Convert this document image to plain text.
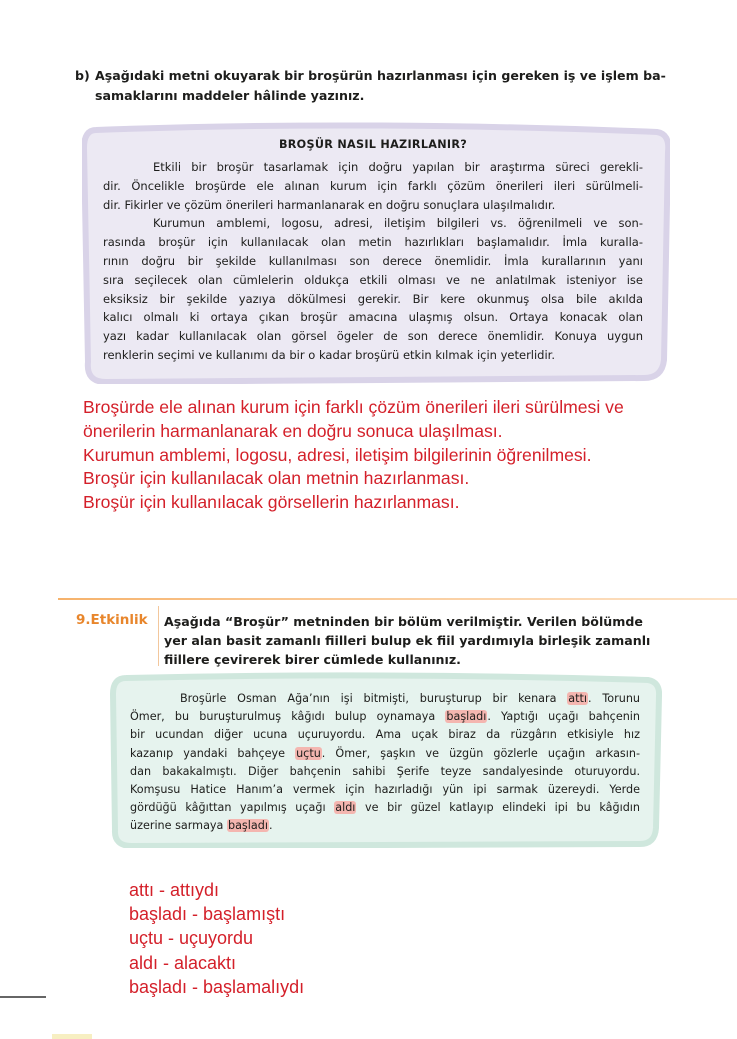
b) Aşağıdaki metni okuyarak bir broşürün hazırlanması için gereken iş ve işlem ba-
samaklarını maddeler hâlinde yazınız.
BROŞÜR NASIL HAZIRLANIR?
Etkili bir broşür tasarlamak için doğru yapılan bir araştırma süreci gerekli-
dir. Öncelikle broşürde ele alınan kurum için farklı çözüm önerileri ileri sürülmeli-
dir. Fikirler ve çözüm önerileri harmanlanarak en doğru sonuçlara ulaşılmalıdır.
Kurumun amblemi, logosu, adresi, iletişim bilgileri vs. öğrenilmeli ve son-
rasında broşür için kullanılacak olan metin hazırlıkları başlamalıdır. İmla kuralla-
rının doğru bir şekilde kullanılması son derece önemlidir. İmla kurallarının yanı
sıra seçilecek olan cümlelerin oldukça etkili olması ve ne anlatılmak isteniyor ise
eksiksiz bir şekilde yazıya dökülmesi gerekir. Bir kere okunmuş olsa bile akılda
kalıcı olmalı ki ortaya çıkan broşür amacına ulaşmış olsun. Ortaya konacak olan
yazı kadar kullanılacak olan görsel ögeler de son derece önemlidir. Konuya uygun
renklerin seçimi ve kullanımı da bir o kadar broşürü etkin kılmak için yeterlidir.
Broşürde ele alınan kurum için farklı çözüm önerileri ileri sürülmesi ve
önerilerin harmanlanarak en doğru sonuca ulaşılması.
Kurumun amblemi, logosu, adresi, iletişim bilgilerinin öğrenilmesi.
Broşür için kullanılacak olan metnin hazırlanması.
Broşür için kullanılacak görsellerin hazırlanması.
9.Etkinlik Aşağıda “Broşür” metninden bir bölüm verilmiştir. Verilen bölümde
yer alan basit zamanlı fiilleri bulup ek fiil yardımıyla birleşik zamanlı
fiillere çevirerek birer cümlede kullanınız.
Broşürle Osman Ağa’nın işi bitmişti, buruşturup bir kenara attı. Torunu
Ömer, bu buruşturulmuş kâğıdı bulup oynamaya başladı. Yaptığı uçağı bahçenin
bir ucundan diğer ucuna uçuruyordu. Ama uçak biraz da rüzgârın etkisiyle hız
kazanıp yandaki bahçeye uçtu. Ömer, şaşkın ve üzgün gözlerle uçağın arkasın-
dan bakakalmıştı. Diğer bahçenin sahibi Şerife teyze sandalyesinde oturuyordu.
Komşusu Hatice Hanım’a vermek için hazırladığı yün ipi sarmak üzereydi. Yerde
gördüğü kâğıttan yapılmış uçağı aldı ve bir güzel katlayıp elindeki ipi bu kâğıdın
üzerine sarmaya başladı.
attı - attıydı
başladı - başlamıştı
uçtu - uçuyordu
aldı - alacaktı
başladı - başlamalıydı
